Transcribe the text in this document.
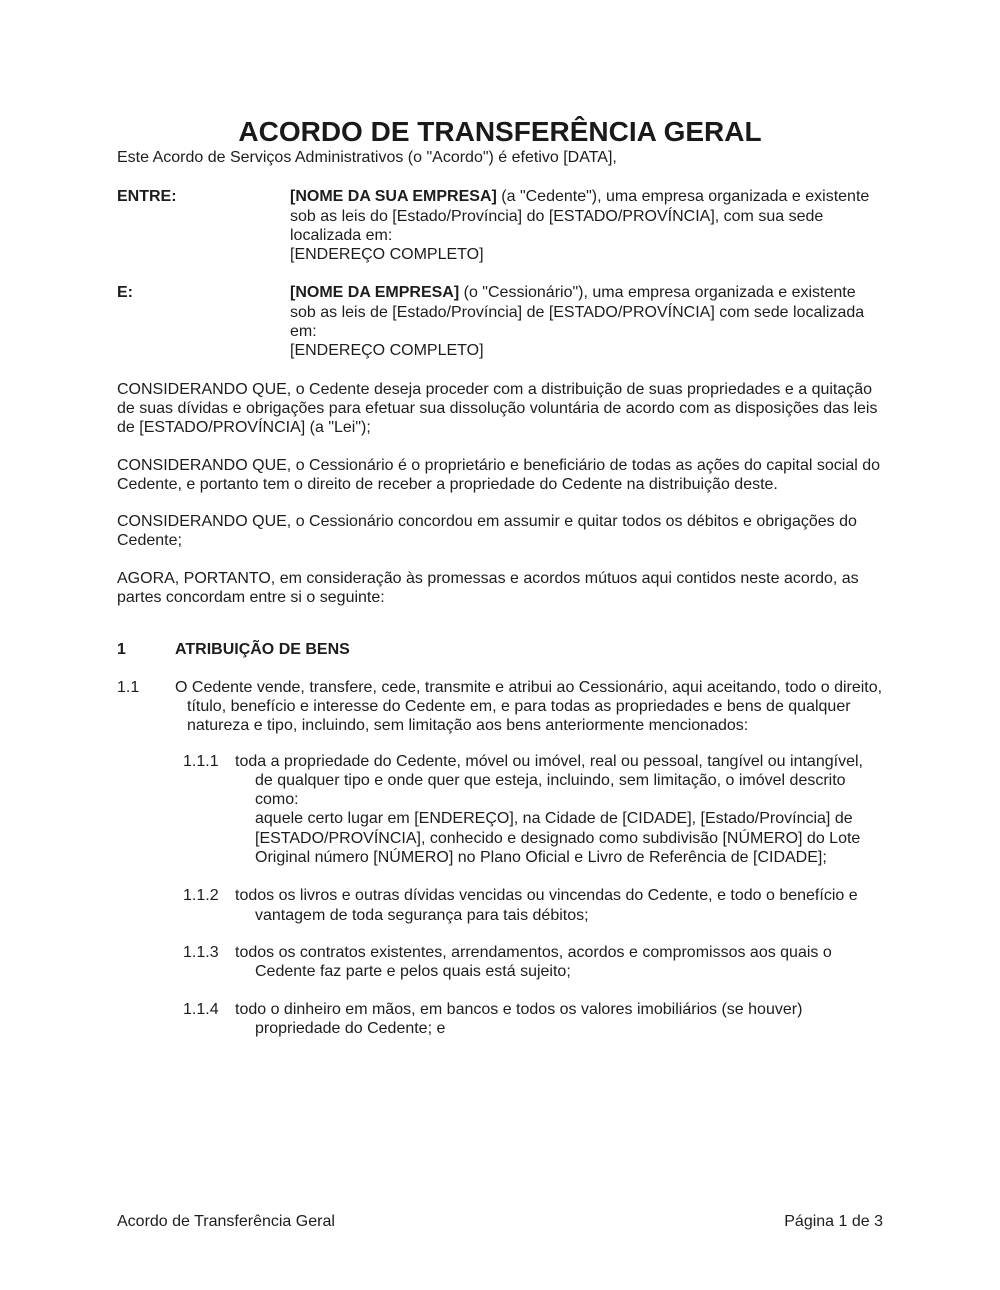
ACORDO DE TRANSFERÊNCIA GERAL

Este Acordo de Serviços Administrativos (o "Acordo") é efetivo [DATA],

ENTRE:	[NOME DA SUA EMPRESA] (a "Cedente"), uma empresa organizada e existente sob as leis do [Estado/Província] do [ESTADO/PROVÍNCIA], com sua sede localizada em:

[ENDEREÇO COMPLETO]

E:	[NOME DA EMPRESA] (o "Cessionário"), uma empresa organizada e existente sob as leis de [Estado/Província] de [ESTADO/PROVÍNCIA] com sede localizada em:

[ENDEREÇO COMPLETO]

CONSIDERANDO QUE, o Cedente deseja proceder com a distribuição de suas propriedades e a quitação de suas dívidas e obrigações para efetuar sua dissolução voluntária de acordo com as disposições das leis de [ESTADO/PROVÍNCIA] (a "Lei");

CONSIDERANDO QUE, o Cessionário é o proprietário e beneficiário de todas as ações do capital social do Cedente, e portanto tem o direito de receber a propriedade do Cedente na distribuição deste.

CONSIDERANDO QUE, o Cessionário concordou em assumir e quitar todos os débitos e obrigações do Cedente;

AGORA, PORTANTO, em consideração às promessas e acordos mútuos aqui contidos neste acordo, as partes concordam entre si o seguinte:

1	ATRIBUIÇÃO DE BENS
1.1	O Cedente vende, transfere, cede, transmite e atribui ao Cessionário, aqui aceitando, todo o direito, título, benefício e interesse do Cedente em, e para todas as propriedades e bens de qualquer natureza e tipo, incluindo, sem limitação aos bens anteriormente mencionados:
1.1.1	toda a propriedade do Cedente, móvel ou imóvel, real ou pessoal, tangível ou intangível, de qualquer tipo e onde quer que esteja, incluindo, sem limitação, o imóvel descrito como:

aquele certo lugar em [ENDEREÇO], na Cidade de [CIDADE], [Estado/Província] de [ESTADO/PROVÍNCIA], conhecido e designado como subdivisão [NÚMERO] do Lote Original número [NÚMERO] no Plano Oficial e Livro de Referência de [CIDADE];

1.1.2	todos os livros e outras dívidas vencidas ou vincendas do Cedente, e todo o benefício e vantagem de toda segurança para tais débitos;
1.1.3	todos os contratos existentes, arrendamentos, acordos e compromissos aos quais o Cedente faz parte e pelos quais está sujeito;
1.1.4	todo o dinheiro em mãos, em bancos e todos os valores imobiliários (se houver) propriedade do Cedente; e
Acordo de Transferência Geral	Página 1 de 3
